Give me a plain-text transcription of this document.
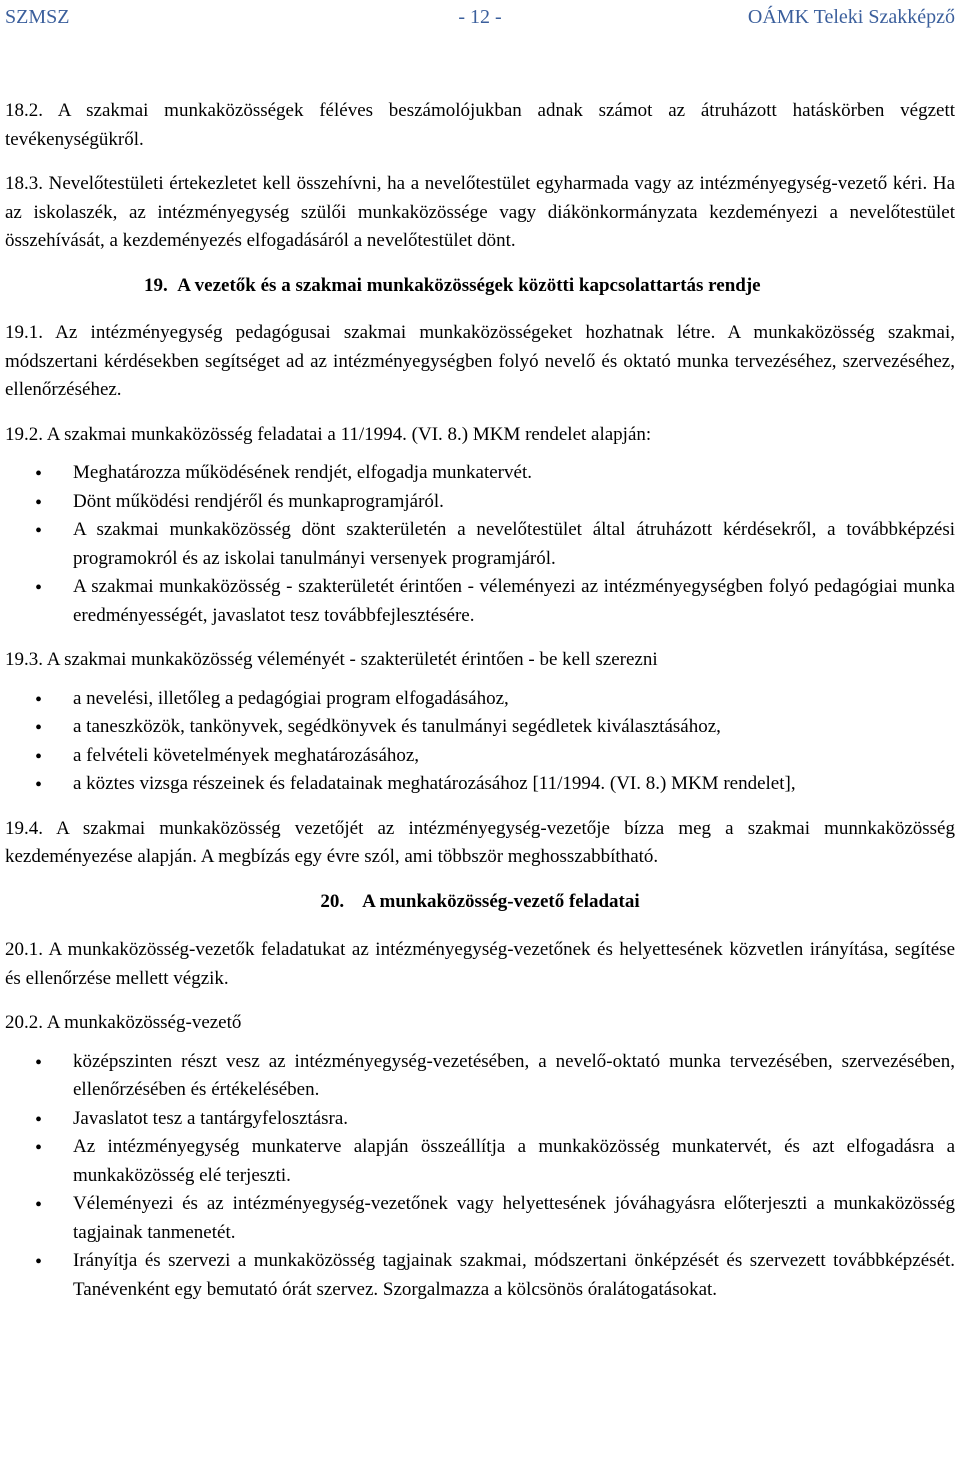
SZMSZ	- 12 -	OÁMK Teleki Szakképző

18.2. A szakmai munkaközösségek féléves beszámolójukban adnak számot az átruházott hatáskörben végzett tevékenységükről.

18.3. Nevelőtestületi értekezletet kell összehívni, ha a nevelőtestület egyharmada vagy az intézményegység-vezető kéri. Ha az iskolaszék, az intézményegység szülői munkaközössége vagy diákönkormányzata kezdeményezi a nevelőtestület összehívását, a kezdeményezés elfogadásáról a nevelőtestület dönt.

19. A vezetők és a szakmai munkaközösségek közötti kapcsolattartás rendje

19.1. Az intézményegység pedagógusai szakmai munkaközösségeket hozhatnak létre. A munkaközösség szakmai, módszertani kérdésekben segítséget ad az intézményegységben folyó nevelő és oktató munka tervezéséhez, szervezéséhez, ellenőrzéséhez.

19.2. A szakmai munkaközösség feladatai a 11/1994. (VI. 8.) MKM rendelet alapján:

• Meghatározza működésének rendjét, elfogadja munkatervét.
• Dönt működési rendjéről és munkaprogramjáról.
• A szakmai munkaközösség dönt szakterületén a nevelőtestület által átruházott kérdésekről, a továbbképzési programokról és az iskolai tanulmányi versenyek programjáról.
• A szakmai munkaközösség - szakterületét érintően - véleményezi az intézményegységben folyó pedagógiai munka eredményességét, javaslatot tesz továbbfejlesztésére.

19.3. A szakmai munkaközösség véleményét - szakterületét érintően - be kell szerezni

• a nevelési, illetőleg a pedagógiai program elfogadásához,
• a taneszközök, tankönyvek, segédkönyvek és tanulmányi segédletek kiválasztásához,
• a felvételi követelmények meghatározásához,
• a köztes vizsga részeinek és feladatainak meghatározásához [11/1994. (VI. 8.) MKM rendelet],

19.4. A szakmai munkaközösség vezetőjét az intézményegység-vezetője bízza meg a szakmai munnkaközösség kezdeményezése alapján. A megbízás egy évre szól, ami többször meghosszabbítható.

20. A munkaközösség-vezető feladatai

20.1. A munkaközösség-vezetők feladatukat az intézményegység-vezetőnek és helyettesének közvetlen irányítása, segítése és ellenőrzése mellett végzik.

20.2. A munkaközösség-vezető

• középszinten részt vesz az intézményegység-vezetésében, a nevelő-oktató munka tervezésében, szervezésében, ellenőrzésében és értékelésében.
• Javaslatot tesz a tantárgyfelosztásra.
• Az intézményegység munkaterve alapján összeállítja a munkaközösség munkatervét, és azt elfogadásra a munkaközösség elé terjeszti.
• Véleményezi és az intézményegység-vezetőnek vagy helyettesének jóváhagyásra előterjeszti a munkaközösség tagjainak tanmenetét.
• Irányítja és szervezi a munkaközösség tagjainak szakmai, módszertani önképzését és szervezett továbbképzését. Tanévenként egy bemutató órát szervez. Szorgalmazza a kölcsönös óralátogatásokat.
